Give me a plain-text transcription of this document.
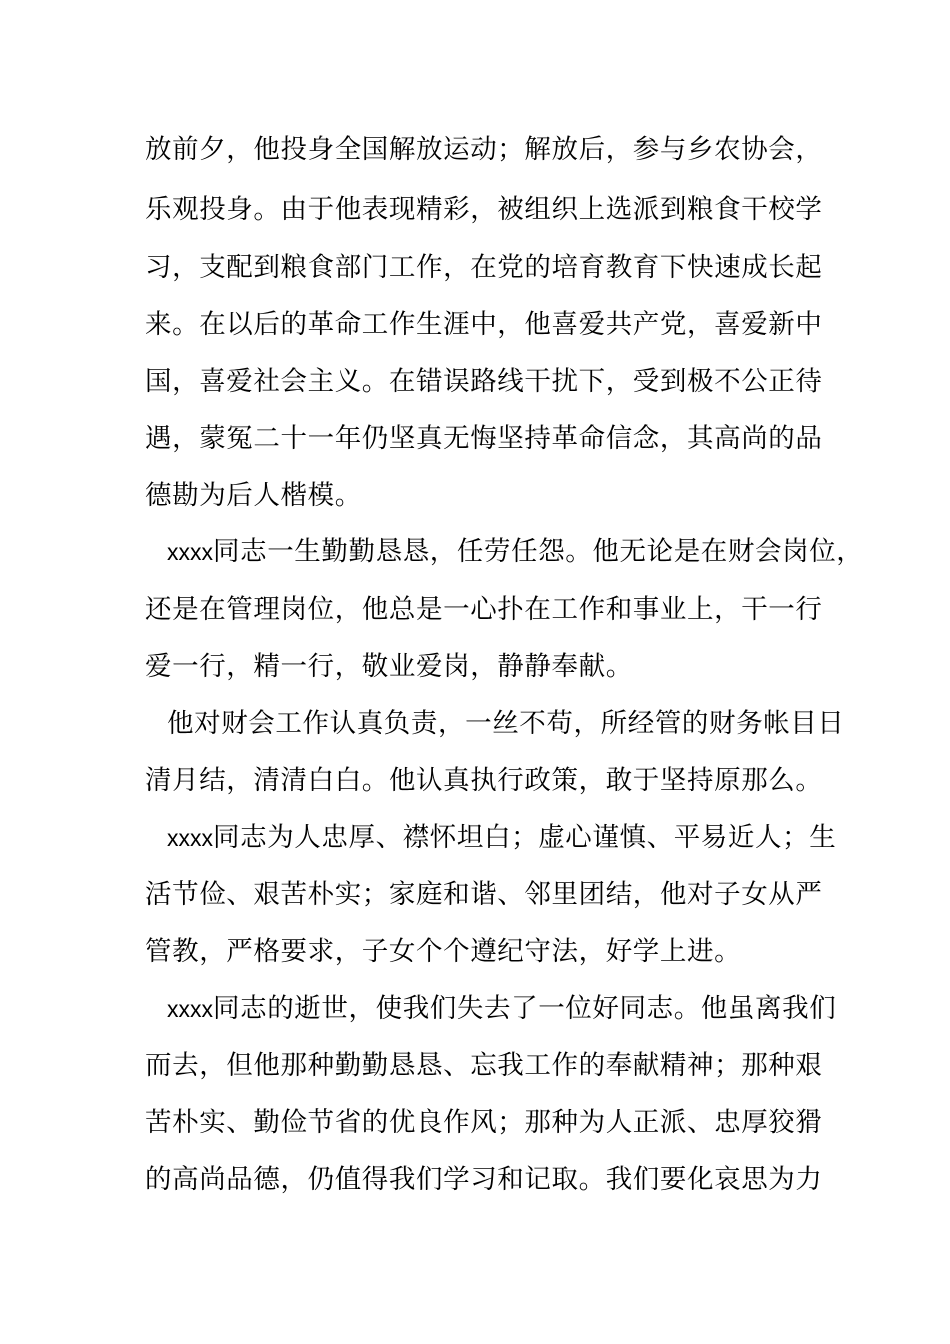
放前夕，他投身全国解放运动；解放后，参与乡农协会，
乐观投身。由于他表现精彩，被组织上选派到粮食干校学
习，支配到粮食部门工作，在党的培育教育下快速成长起
来。在以后的革命工作生涯中，他喜爱共产党，喜爱新中
国，喜爱社会主义。在错误路线干扰下，受到极不公正待
遇，蒙冤二十一年仍坚真无悔坚持革命信念，其高尚的品
德勘为后人楷模。
xxxx同志一生勤勤恳恳，任劳任怨。他无论是在财会岗位，
还是在管理岗位，他总是一心扑在工作和事业上，干一行
爱一行，精一行，敬业爱岗，静静奉献。
他对财会工作认真负责，一丝不苟，所经管的财务帐目日
清月结，清清白白。他认真执行政策，敢于坚持原那么。
xxxx同志为人忠厚、襟怀坦白；虚心谨慎、平易近人；生
活节俭、艰苦朴实；家庭和谐、邻里团结，他对子女从严
管教，严格要求，子女个个遵纪守法，好学上进。
xxxx同志的逝世，使我们失去了一位好同志。他虽离我们
而去，但他那种勤勤恳恳、忘我工作的奉献精神；那种艰
苦朴实、勤俭节省的优良作风；那种为人正派、忠厚狡猾
的高尚品德，仍值得我们学习和记取。我们要化哀思为力
